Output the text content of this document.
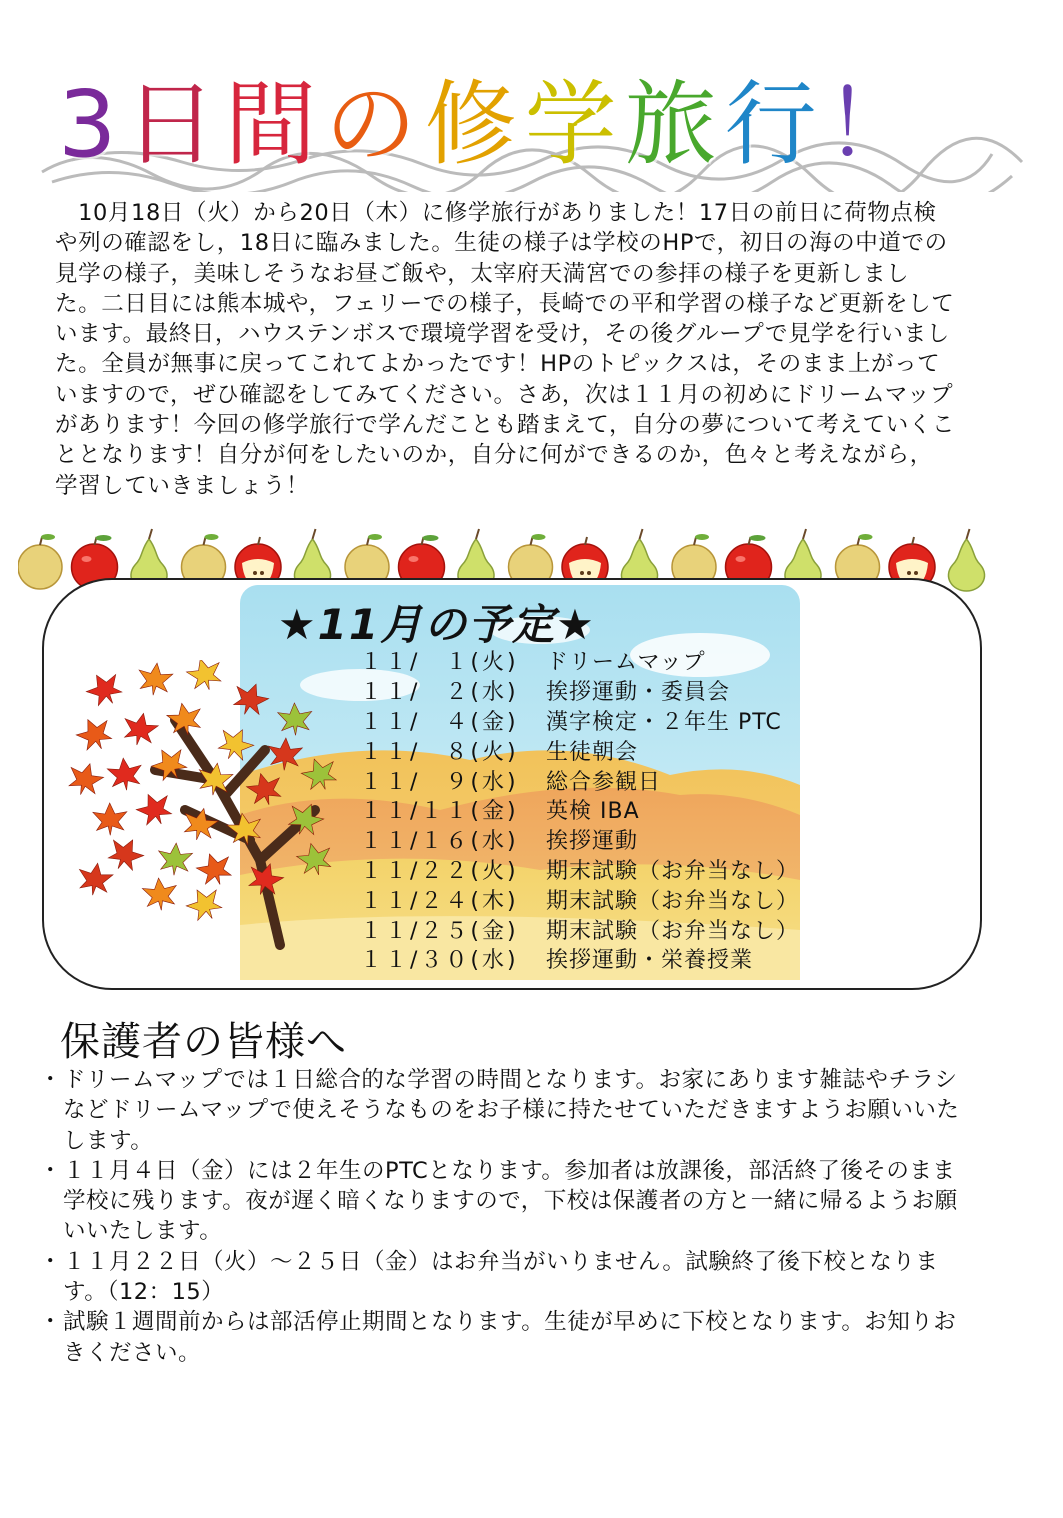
3日間の修学旅行！

　10月18日（火）から20日（木）に修学旅行がありました！17日の前日に荷物点検や列の確認をし，18日に臨みました。生徒の様子は学校のHPで，初日の海の中道での見学の様子，美味しそうなお昼ご飯や，太宰府天満宮での参拝の様子を更新しました。二日目には熊本城や，フェリーでの様子，長崎での平和学習の様子など更新をしています。最終日，ハウステンボスで環境学習を受け，その後グループで見学を行いました。全員が無事に戻ってこれてよかったです！HPのトピックスは，そのまま上がっていますので，ぜひ確認をしてみてください。さあ，次は１１月の初めにドリームマップがあります！今回の修学旅行で学んだことも踏まえて，自分の夢について考えていくこととなります！自分が何をしたいのか，自分に何ができるのか，色々と考えながら，学習していきましょう！

★11月の予定★
１１/　１(火)	ドリームマップ
１１/　２(水)	挨拶運動・委員会
１１/　４(金)	漢字検定・２年生 PTC
１１/　８(火)	生徒朝会
１１/　９(水)	総合参観日
１１/１１(金)	英検 IBA
１１/１６(水)	挨拶運動
１１/２２(火)	期末試験（お弁当なし）
１１/２４(木)	期末試験（お弁当なし）
１１/２５(金)	期末試験（お弁当なし）
１１/３０(水)	挨拶運動・栄養授業
保護者の皆様へ
・ ドリームマップでは１日総合的な学習の時間となります。お家にあります雑誌やチラシなどドリームマップで使えそうなものをお子様に持たせていただきますようお願いいたします。
・ １１月４日（金）には２年生のPTCとなります。参加者は放課後，部活終了後そのまま学校に残ります。夜が遅く暗くなりますので，下校は保護者の方と一緒に帰るようお願いいたします。
・ １１月２２日（火）～２５日（金）はお弁当がいりません。試験終了後下校となります。（12：15）
・ 試験１週間前からは部活停止期間となります。生徒が早めに下校となります。お知りおきください。
